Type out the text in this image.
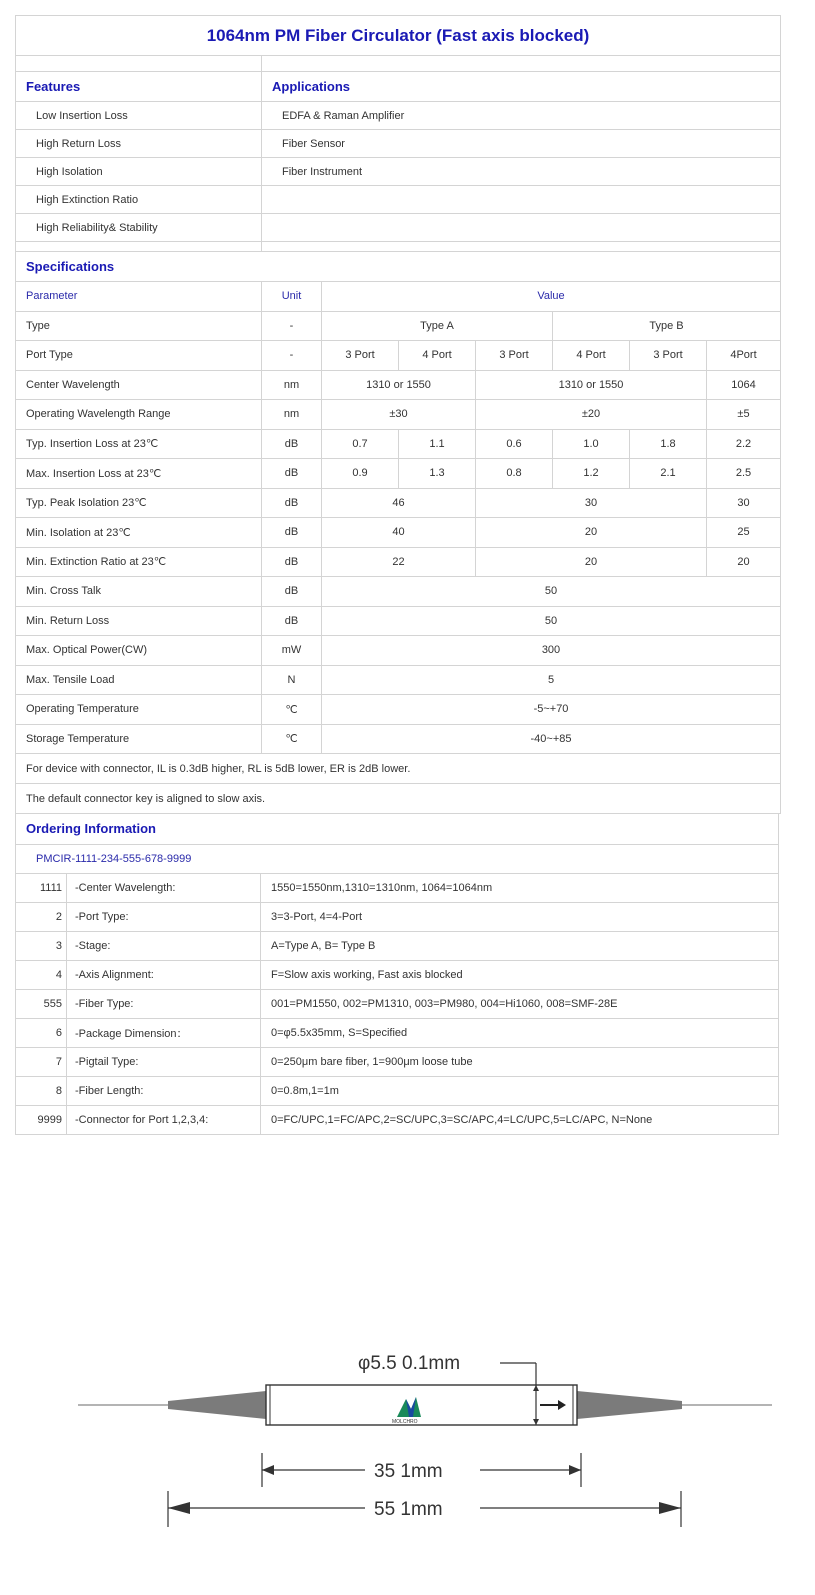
1064nm PM Fiber Circulator (Fast axis blocked)							

Features	Applications						
Low Insertion Loss	EDFA & Raman Amplifier						
High Return Loss	Fiber Sensor						
High Isolation	Fiber Instrument						
High Extinction Ratio							
High Reliability& Stability							

Specifications							
Parameter	Unit	Value					
Type	-	Type A			Type B		
Port Type	-	3 Port	4 Port	3 Port	4 Port	3 Port	4Port
Center Wavelength	nm	1310 or 1550		1310 or 1550			1064
Operating Wavelength Range	nm	±30		±20			±5
Typ. Insertion Loss at 23℃	dB	0.7	1.1	0.6	1.0	1.8	2.2
Max. Insertion Loss at 23℃	dB	0.9	1.3	0.8	1.2	2.1	2.5
Typ. Peak Isolation 23℃	dB	46		30			30
Min. Isolation at 23℃	dB	40		20			25
Min. Extinction Ratio at 23℃	dB	22		20			20
Min. Cross Talk	dB	50					
Min. Return Loss	dB	50					
Max. Optical Power(CW)	mW	300					
Max. Tensile Load	N	5					
Operating Temperature	℃	-5~+70					
Storage Temperature	℃	-40~+85					
For device with connector, IL is 0.3dB higher, RL is 5dB lower, ER is 2dB lower.							
The default connector key is aligned to slow axis.							
Ordering Information		
PMCIR-1111-234-555-678-9999		
1111	-Center Wavelength:	1550=1550nm,1310=1310nm, 1064=1064nm
2	-Port Type:	3=3-Port, 4=4-Port
3	-Stage:	A=Type A, B= Type B
4	-Axis Alignment:	F=Slow axis working, Fast axis blocked
555	-Fiber Type:	001=PM1550, 002=PM1310, 003=PM980, 004=Hi1060, 008=SMF-28E
6	-Package Dimension：	0=φ5.5x35mm, S=Specified
7	-Pigtail Type:	0=250μm bare fiber, 1=900μm loose tube
8	-Fiber Length:	0=0.8m,1=1m
9999	-Connector for Port 1,2,3,4:	0=FC/UPC,1=FC/APC,2=SC/UPC,3=SC/APC,4=LC/UPC,5=LC/APC, N=None
φ5.5 0.1mm
MOLCHRO
35 1mm
55 1mm
